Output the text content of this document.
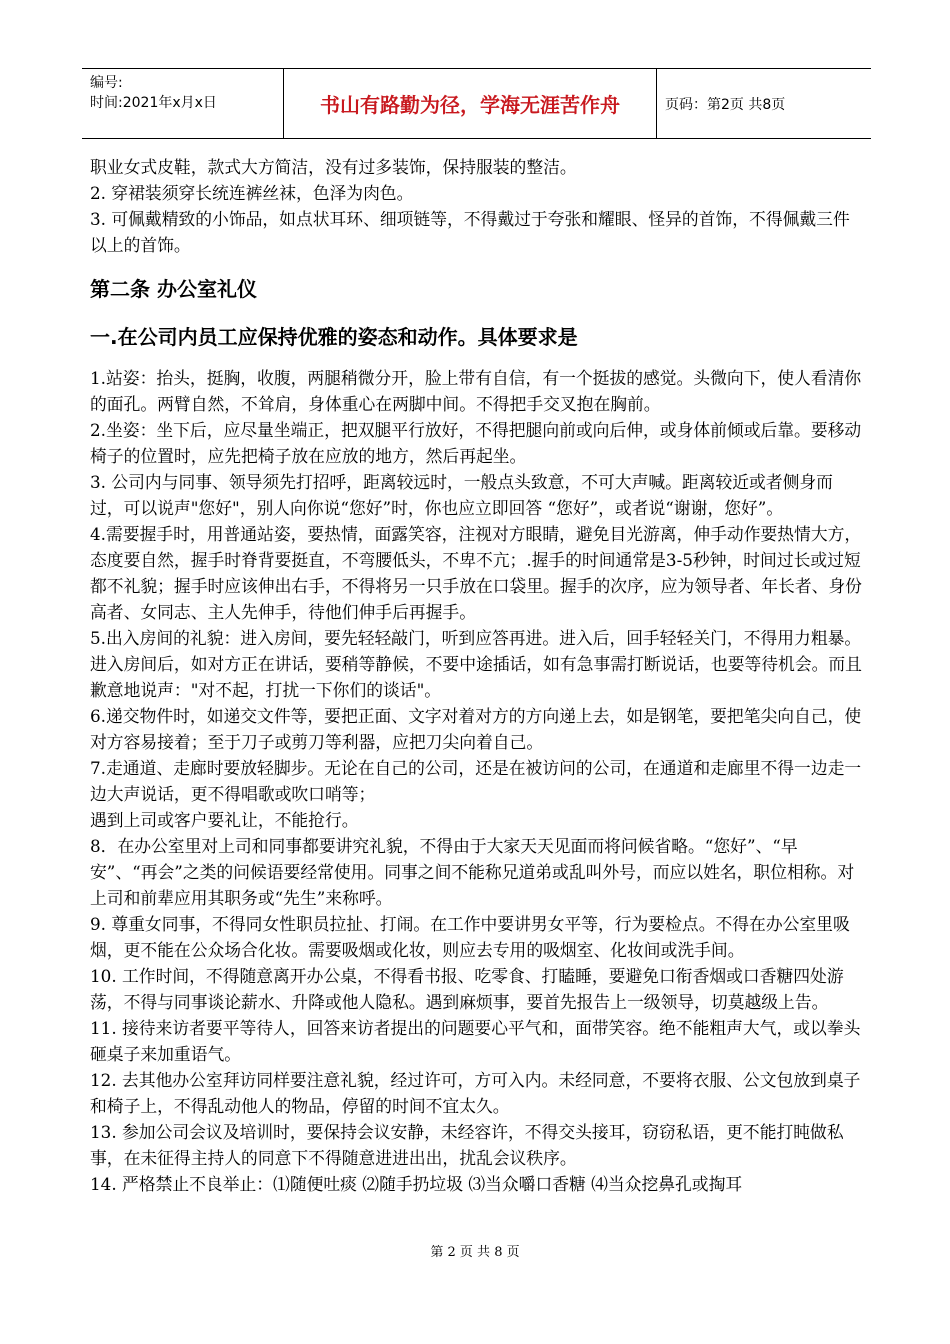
编号:
时间:2021年x月x日	书山有路勤为径，学海无涯苦作舟	页码：第2页 共8页

职业女式皮鞋，款式大方简洁，没有过多装饰，保持服装的整洁。

2. 穿裙装须穿长统连裤丝袜，色泽为肉色。

3. 可佩戴精致的小饰品，如点状耳环、细项链等，不得戴过于夸张和耀眼、怪异的首饰，不得佩戴三件以上的首饰。

第二条 办公室礼仪
一.在公司内员工应保持优雅的姿态和动作。具体要求是

1.站姿：抬头，挺胸，收腹，两腿稍微分开，脸上带有自信，有一个挺拔的感觉。头微向下，使人看清你的面孔。两臂自然，不耸肩，身体重心在两脚中间。不得把手交叉抱在胸前。

2.坐姿：坐下后，应尽量坐端正，把双腿平行放好，不得把腿向前或向后伸，或身体前倾或后靠。要移动椅子的位置时，应先把椅子放在应放的地方，然后再起坐。

3. 公司内与同事、领导须先打招呼，距离较远时，一般点头致意，不可大声喊。距离较近或者侧身而过，可以说声"您好"，别人向你说“您好”时，你也应立即回答 “您好”，或者说“谢谢，您好”。

4.需要握手时，用普通站姿，要热情，面露笑容，注视对方眼睛，避免目光游离，伸手动作要热情大方，态度要自然，握手时脊背要挺直，不弯腰低头，不卑不亢；.握手的时间通常是3-5秒钟，时间过长或过短都不礼貌；握手时应该伸出右手，不得将另一只手放在口袋里。握手的次序，应为领导者、年长者、身份高者、女同志、主人先伸手，待他们伸手后再握手。

5.出入房间的礼貌：进入房间，要先轻轻敲门，听到应答再进。进入后，回手轻轻关门，不得用力粗暴。进入房间后，如对方正在讲话，要稍等静候，不要中途插话，如有急事需打断说话，也要等待机会。而且歉意地说声："对不起，打扰一下你们的谈话"。

6.递交物件时，如递交文件等，要把正面、文字对着对方的方向递上去，如是钢笔，要把笔尖向自己，使对方容易接着；至于刀子或剪刀等利器，应把刀尖向着自己。

7.走通道、走廊时要放轻脚步。无论在自己的公司，还是在被访问的公司，在通道和走廊里不得一边走一边大声说话，更不得唱歌或吹口哨等；

遇到上司或客户要礼让，不能抢行。

8．在办公室里对上司和同事都要讲究礼貌，不得由于大家天天见面而将问候省略。“您好”、“早安”、“再会”之类的问候语要经常使用。同事之间不能称兄道弟或乱叫外号，而应以姓名，职位相称。对上司和前辈应用其职务或“先生”来称呼。

9. 尊重女同事，不得同女性职员拉扯、打闹。在工作中要讲男女平等，行为要检点。不得在办公室里吸烟，更不能在公众场合化妆。需要吸烟或化妆，则应去专用的吸烟室、化妆间或洗手间。

10. 工作时间，不得随意离开办公桌，不得看书报、吃零食、打瞌睡，要避免口衔香烟或口香糖四处游荡，不得与同事谈论薪水、升降或他人隐私。遇到麻烦事，要首先报告上一级领导，切莫越级上告。

11. 接待来访者要平等待人，回答来访者提出的问题要心平气和，面带笑容。绝不能粗声大气，或以拳头砸桌子来加重语气。

12. 去其他办公室拜访同样要注意礼貌，经过许可，方可入内。未经同意，不要将衣服、公文包放到桌子和椅子上，不得乱动他人的物品，停留的时间不宜太久。

13. 参加公司会议及培训时，要保持会议安静，未经容许，不得交头接耳，窃窃私语，更不能打盹做私事，在未征得主持人的同意下不得随意进进出出，扰乱会议秩序。

14. 严格禁止不良举止：⑴随便吐痰 ⑵随手扔垃圾 ⑶当众嚼口香糖 ⑷当众挖鼻孔或掏耳

第 2 页 共 8 页
